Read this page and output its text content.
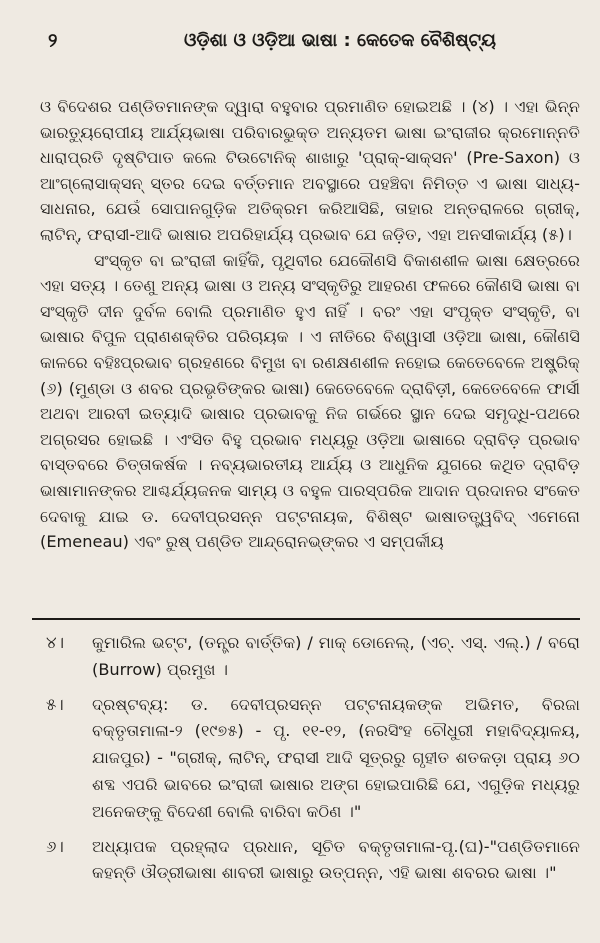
୨	ଓଡ଼ିଶା ଓ ଓଡ଼ିଆ ଭାଷା : କେତେକ ବୈଶିଷ୍ଟ୍ୟ

ଓ ବିଦେଶର ପଣ୍ଡିତମାନଙ୍କ ଦ୍ୱାରା ବହୁବାର ପ୍ରମାଣିତ ହୋଇଅଛି । (୪) । ଏହା ଭିନ୍ନ ଭାରତ୍ୟୁରୋପୀୟ ଆର୍ଯ୍ୟଭାଷା ପରିବାରଭୁକ୍ତ ଅନ୍ୟତମ ଭାଷା ଇଂରାଜୀର କ୍ରମୋନ୍ନତି ଧାରାପ୍ରତି ଦୃଷ୍ଟିପାତ କଲେ ଟିଉଟୋନିକ୍ ଶାଖାରୁ 'ପ୍ରାକ୍-ସାକ୍ସନ' (Pre-Saxon) ଓ ଆଂଗ୍ଲୋସାକ୍ସନ୍ ସ୍ତର ଦେଇ ବର୍ତ୍ତମାନ ଅବସ୍ଥାରେ ପହଞ୍ଚିବା ନିମିତ୍ତ ଏ ଭାଷା ସାଧ୍ୟ-ସାଧନାର, ଯେଉଁ ସୋପାନଗୁଡ଼ିକ ଅତିକ୍ରମ କରିଆସିଛି, ତାହାର ଅନ୍ତରାଳରେ ଗ୍ରୀକ୍, ଲାଟିନ୍, ଫରାସୀ-ଆଦି ଭାଷାର ଅପରିହାର୍ଯ୍ୟ ପ୍ରଭାବ ଯେ ଜଡ଼ିତ, ଏହା ଅନସୀକାର୍ଯ୍ୟ (୫)।

ସଂସ୍କୃତ ବା ଇଂରାଜୀ କାହିଁକି, ପୃଥିବୀର ଯେକୌଣସି ବିକାଶଶୀଳ ଭାଷା କ୍ଷେତ୍ରରେ ଏହା ସତ୍ୟ । ତେଣୁ ଅନ୍ୟ ଭାଷା ଓ ଅନ୍ୟ ସଂସ୍କୃତିରୁ ଆହରଣ ଫଳରେ କୌଣସି ଭାଷା ବା ସଂସ୍କୃତି ଦୀନ ଦୁର୍ବଳ ବୋଲି ପ୍ରମାଣିତ ହୁଏ ନାହିଁ । ବରଂ ଏହା ସଂପୃକ୍ତ ସଂସ୍କୃତି, ବା ଭାଷାର ବିପୁଳ ପ୍ରାଣଶକ୍ତିର ପରିଚାୟକ । ଏ ନୀତିରେ ବିଶ୍ୱାସୀ ଓଡ଼ିଆ ଭାଷା, କୌଣସି କାଳରେ ବହିଃପ୍ରଭାବ ଗ୍ରହଣରେ ବିମୁଖ ବା ରଣକ୍ଷଣଶୀଳ ନହୋଇ କେତେବେଳେ ଅଷ୍ଟ୍ରିକ୍ (୬) (ମୁଣ୍ଡା ଓ ଶବର ପ୍ରଭୃତିଙ୍କର ଭାଷା) କେତେବେଳେ ଦ୍ରାବିଡ଼ୀ, କେତେବେଳେ ଫାର୍ସୀ ଅଥବା ଆରବୀ ଇତ୍ୟାଦି ଭାଷାର ପ୍ରଭାବକୁ ନିଜ ଗର୍ଭରେ ସ୍ଥାନ ଦେଇ ସମୃଦ୍ଧି-ପଥରେ ଅଗ୍ରସର ହୋଇଛି । ଏଂସିତ ବିହୁ ପ୍ରଭାବ ମଧ୍ୟରୁ ଓଡ଼ିଆ ଭାଷାରେ ଦ୍ରାବିଡ଼ ପ୍ରଭାବ ବାସ୍ତବରେ ଚିତ୍ତାକର୍ଷକ । ନବ୍ୟଭାରତୀୟ ଆର୍ଯ୍ୟ ଓ ଆଧୁନିକ ଯୁଗରେ କଥିତ ଦ୍ରାବିଡ଼ ଭାଷାମାନଙ୍କର ଆଶ୍ଚର୍ଯ୍ୟଜନକ ସାମ୍ୟ ଓ ବହୁଳ ପାରସ୍ପରିକ ଆଦାନ ପ୍ରଦାନର ସଂକେତ ଦେବାକୁ ଯାଇ ଡ. ଦେବୀପ୍ରସନ୍ନ ପଟ୍ଟନାୟକ, ବିଶିଷ୍ଟ ଭାଷାତତ୍ତ୍ୱବିଦ୍ ଏମେନୋ (Emeneau) ଏବଂ ରୁଷ୍ ପଣ୍ଡିତ ଆନ୍ଦ୍ରୋନଭ୍ଙ୍କର ଏ ସମ୍ପର୍କୀୟ

୪। କୁମାରିଲ ଭଟ୍ଟ, (ତନ୍ତ୍ର ବାର୍ତ୍ତିକ) / ମାକ୍ ଡୋନେଲ୍, (ଏଚ୍. ଏସ୍. ଏଲ୍.) / ବରୋ (Burrow) ପ୍ରମୁଖ ।

୫। ଦ୍ରଷ୍ଟବ୍ୟ: ଡ. ଦେବୀପ୍ରସନ୍ନ ପଟ୍ଟନାୟକଙ୍କ ଅଭିମତ, ବିରଜା ବକ୍ତୃତାମାଳା-୨ (୧୯୭୫) - ପୃ. ୧୧-୧୨, (ନରସିଂହ ଚୌଧୁରୀ ମହାବିଦ୍ୟାଳୟ, ଯାଜପୁର) - "ଗ୍ରୀକ୍, ଲାଟିନ୍, ଫରାସୀ ଆଦି ସୂତ୍ରରୁ ଗୃହୀତ ଶତକଡ଼ା ପ୍ରାୟ ୬୦ ଶବ୍ଦ ଏପରି ଭାବରେ ଇଂରାଜୀ ଭାଷାର ଅଙ୍ଗ ହୋଇପାରିଛି ଯେ, ଏଗୁଡ଼ିକ ମଧ୍ୟରୁ ଅନେକଙ୍କୁ ବିଦେଶୀ ବୋଲି ବାରିବା କଠିଣ ।"

୬। ଅଧ୍ୟାପକ ପ୍ରହ୍ଲାଦ ପ୍ରଧାନ, ସୂଚିତ ବକ୍ତୃତାମାଳା-ପୃ.(ଘ)-"ପଣ୍ଡିତମାନେ କହନ୍ତି ଔଡ୍ରୀଭାଷା ଶାବରୀ ଭାଷାରୁ ଉତ୍ପନ୍ନ, ଏହି ଭାଷା ଶବରର ଭାଷା ।"
